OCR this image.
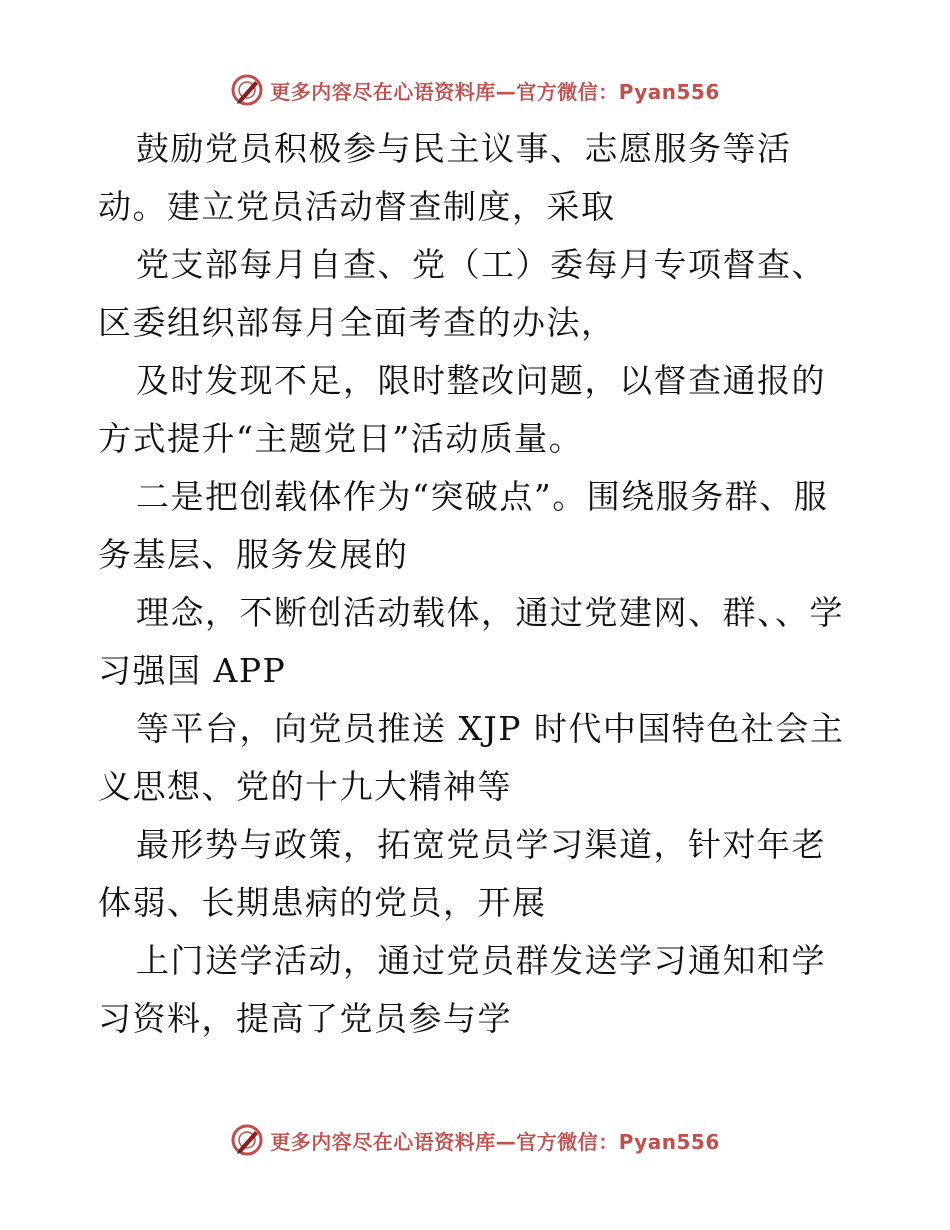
更多内容尽在心语资料库—官方微信：Pyan556

鼓励党员积极参与民主议事、志愿服务等活动。建立党员活动督查制度，采取

党支部每月自查、党（工）委每月专项督查、区委组织部每月全面考查的办法，

及时发现不足，限时整改问题，以督查通报的方式提升“主题党日”活动质量。

二是把创载体作为“突破点”。围绕服务群、服务基层、服务发展的

理念，不断创活动载体，通过党建网、群、、学习强国 APP

等平台，向党员推送 XJP 时代中国特色社会主义思想、党的十九大精神等

最形势与政策，拓宽党员学习渠道，针对年老体弱、长期患病的党员，开展

上门送学活动，通过党员群发送学习通知和学习资料，提高了党员参与学

更多内容尽在心语资料库—官方微信：Pyan556
